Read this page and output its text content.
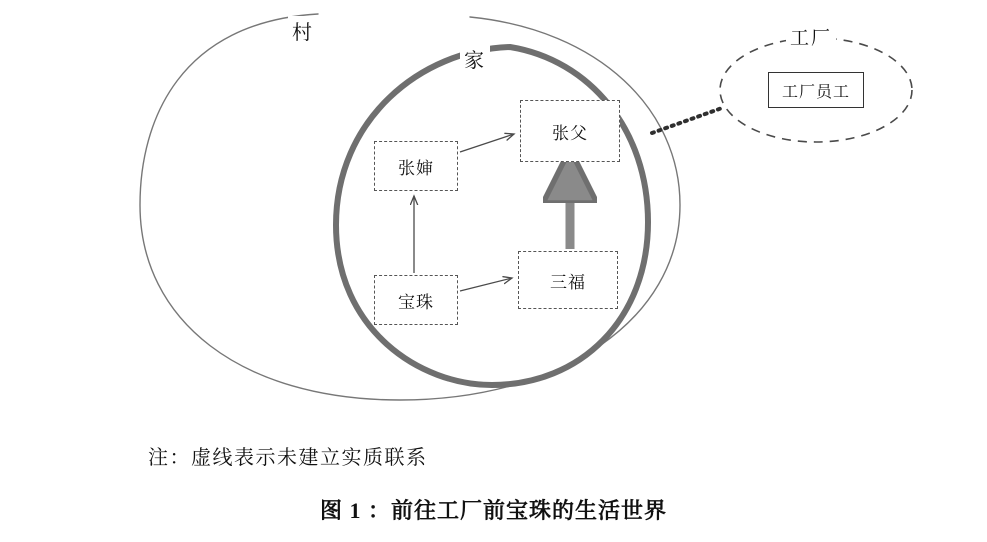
村
家
工厂
张父
张婶
宝珠
三福
工厂员工
注：虚线表示未建立实质联系
图 1 ：前往工厂前宝珠的生活世界
